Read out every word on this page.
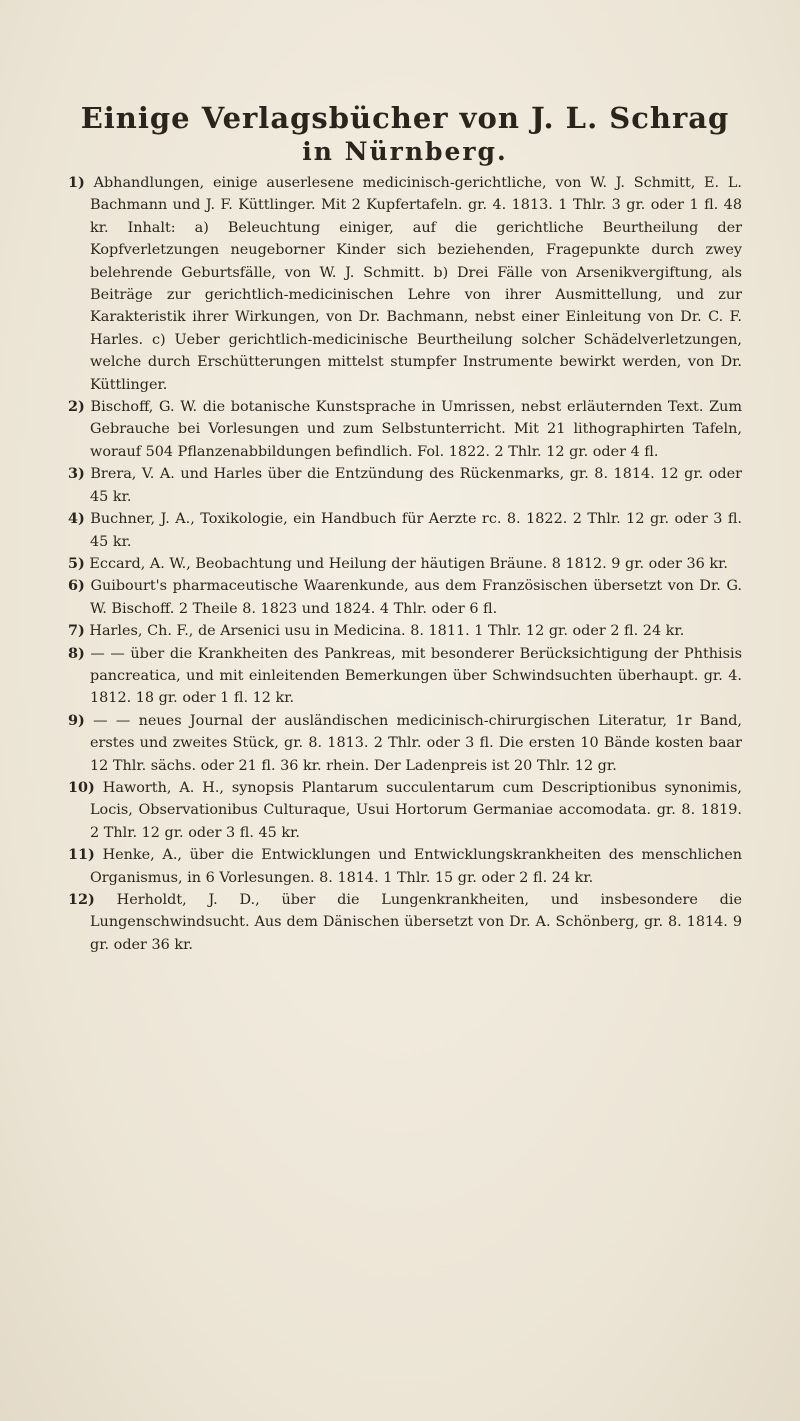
Einige Verlagsbücher von J. L. Schrag
in Nürnberg.

1) Abhandlungen, einige auserlesene medicinisch-gerichtliche, von W. J. Schmitt, E. L. Bachmann und J. F. Küttlinger. Mit 2 Kupfertafeln. gr. 4. 1813. 1 Thlr. 3 gr. oder 1 fl. 48 kr. Inhalt: a) Beleuchtung einiger, auf die gerichtliche Beurtheilung der Kopfverletzungen neugeborner Kinder sich beziehenden, Fragepunkte durch zwey belehrende Geburtsfälle, von W. J. Schmitt. b) Drei Fälle von Arsenikvergiftung, als Beiträge zur gerichtlich-medicinischen Lehre von ihrer Ausmittellung, und zur Karakteristik ihrer Wirkungen, von Dr. Bachmann, nebst einer Einleitung von Dr. C. F. Harles. c) Ueber gerichtlich-medicinische Beurtheilung solcher Schädelverletzungen, welche durch Erschütterungen mittelst stumpfer Instrumente bewirkt werden, von Dr. Küttlinger.

2) Bischoff, G. W. die botanische Kunstsprache in Umrissen, nebst erläuternden Text. Zum Gebrauche bei Vorlesungen und zum Selbstunterricht. Mit 21 lithographirten Tafeln, worauf 504 Pflanzenabbildungen befindlich. Fol. 1822. 2 Thlr. 12 gr. oder 4 fl.

3) Brera, V. A. und Harles über die Entzündung des Rückenmarks, gr. 8. 1814. 12 gr. oder 45 kr.

4) Buchner, J. A., Toxikologie, ein Handbuch für Aerzte rc. 8. 1822. 2 Thlr. 12 gr. oder 3 fl. 45 kr.

5) Eccard, A. W., Beobachtung und Heilung der häutigen Bräune. 8 1812. 9 gr. oder 36 kr.

6) Guibourt's pharmaceutische Waarenkunde, aus dem Französischen übersetzt von Dr. G. W. Bischoff. 2 Theile 8. 1823 und 1824. 4 Thlr. oder 6 fl.

7) Harles, Ch. F., de Arsenici usu in Medicina. 8. 1811. 1 Thlr. 12 gr. oder 2 fl. 24 kr.

8) — — über die Krankheiten des Pankreas, mit besonderer Berücksichtigung der Phthisis pancreatica, und mit einleitenden Bemerkungen über Schwindsuchten überhaupt. gr. 4. 1812. 18 gr. oder 1 fl. 12 kr.

9) — — neues Journal der ausländischen medicinisch-chirurgischen Literatur, 1r Band, erstes und zweites Stück, gr. 8. 1813. 2 Thlr. oder 3 fl. Die ersten 10 Bände kosten baar 12 Thlr. sächs. oder 21 fl. 36 kr. rhein. Der Ladenpreis ist 20 Thlr. 12 gr.

10) Haworth, A. H., synopsis Plantarum succulentarum cum Descriptionibus synonimis, Locis, Observationibus Culturaque, Usui Hortorum Germaniae accomodata. gr. 8. 1819. 2 Thlr. 12 gr. oder 3 fl. 45 kr.

11) Henke, A., über die Entwicklungen und Entwicklungskrankheiten des menschlichen Organismus, in 6 Vorlesungen. 8. 1814. 1 Thlr. 15 gr. oder 2 fl. 24 kr.

12) Herholdt, J. D., über die Lungenkrankheiten, und insbesondere die Lungenschwindsucht. Aus dem Dänischen übersetzt von Dr. A. Schönberg, gr. 8. 1814. 9 gr. oder 36 kr.
